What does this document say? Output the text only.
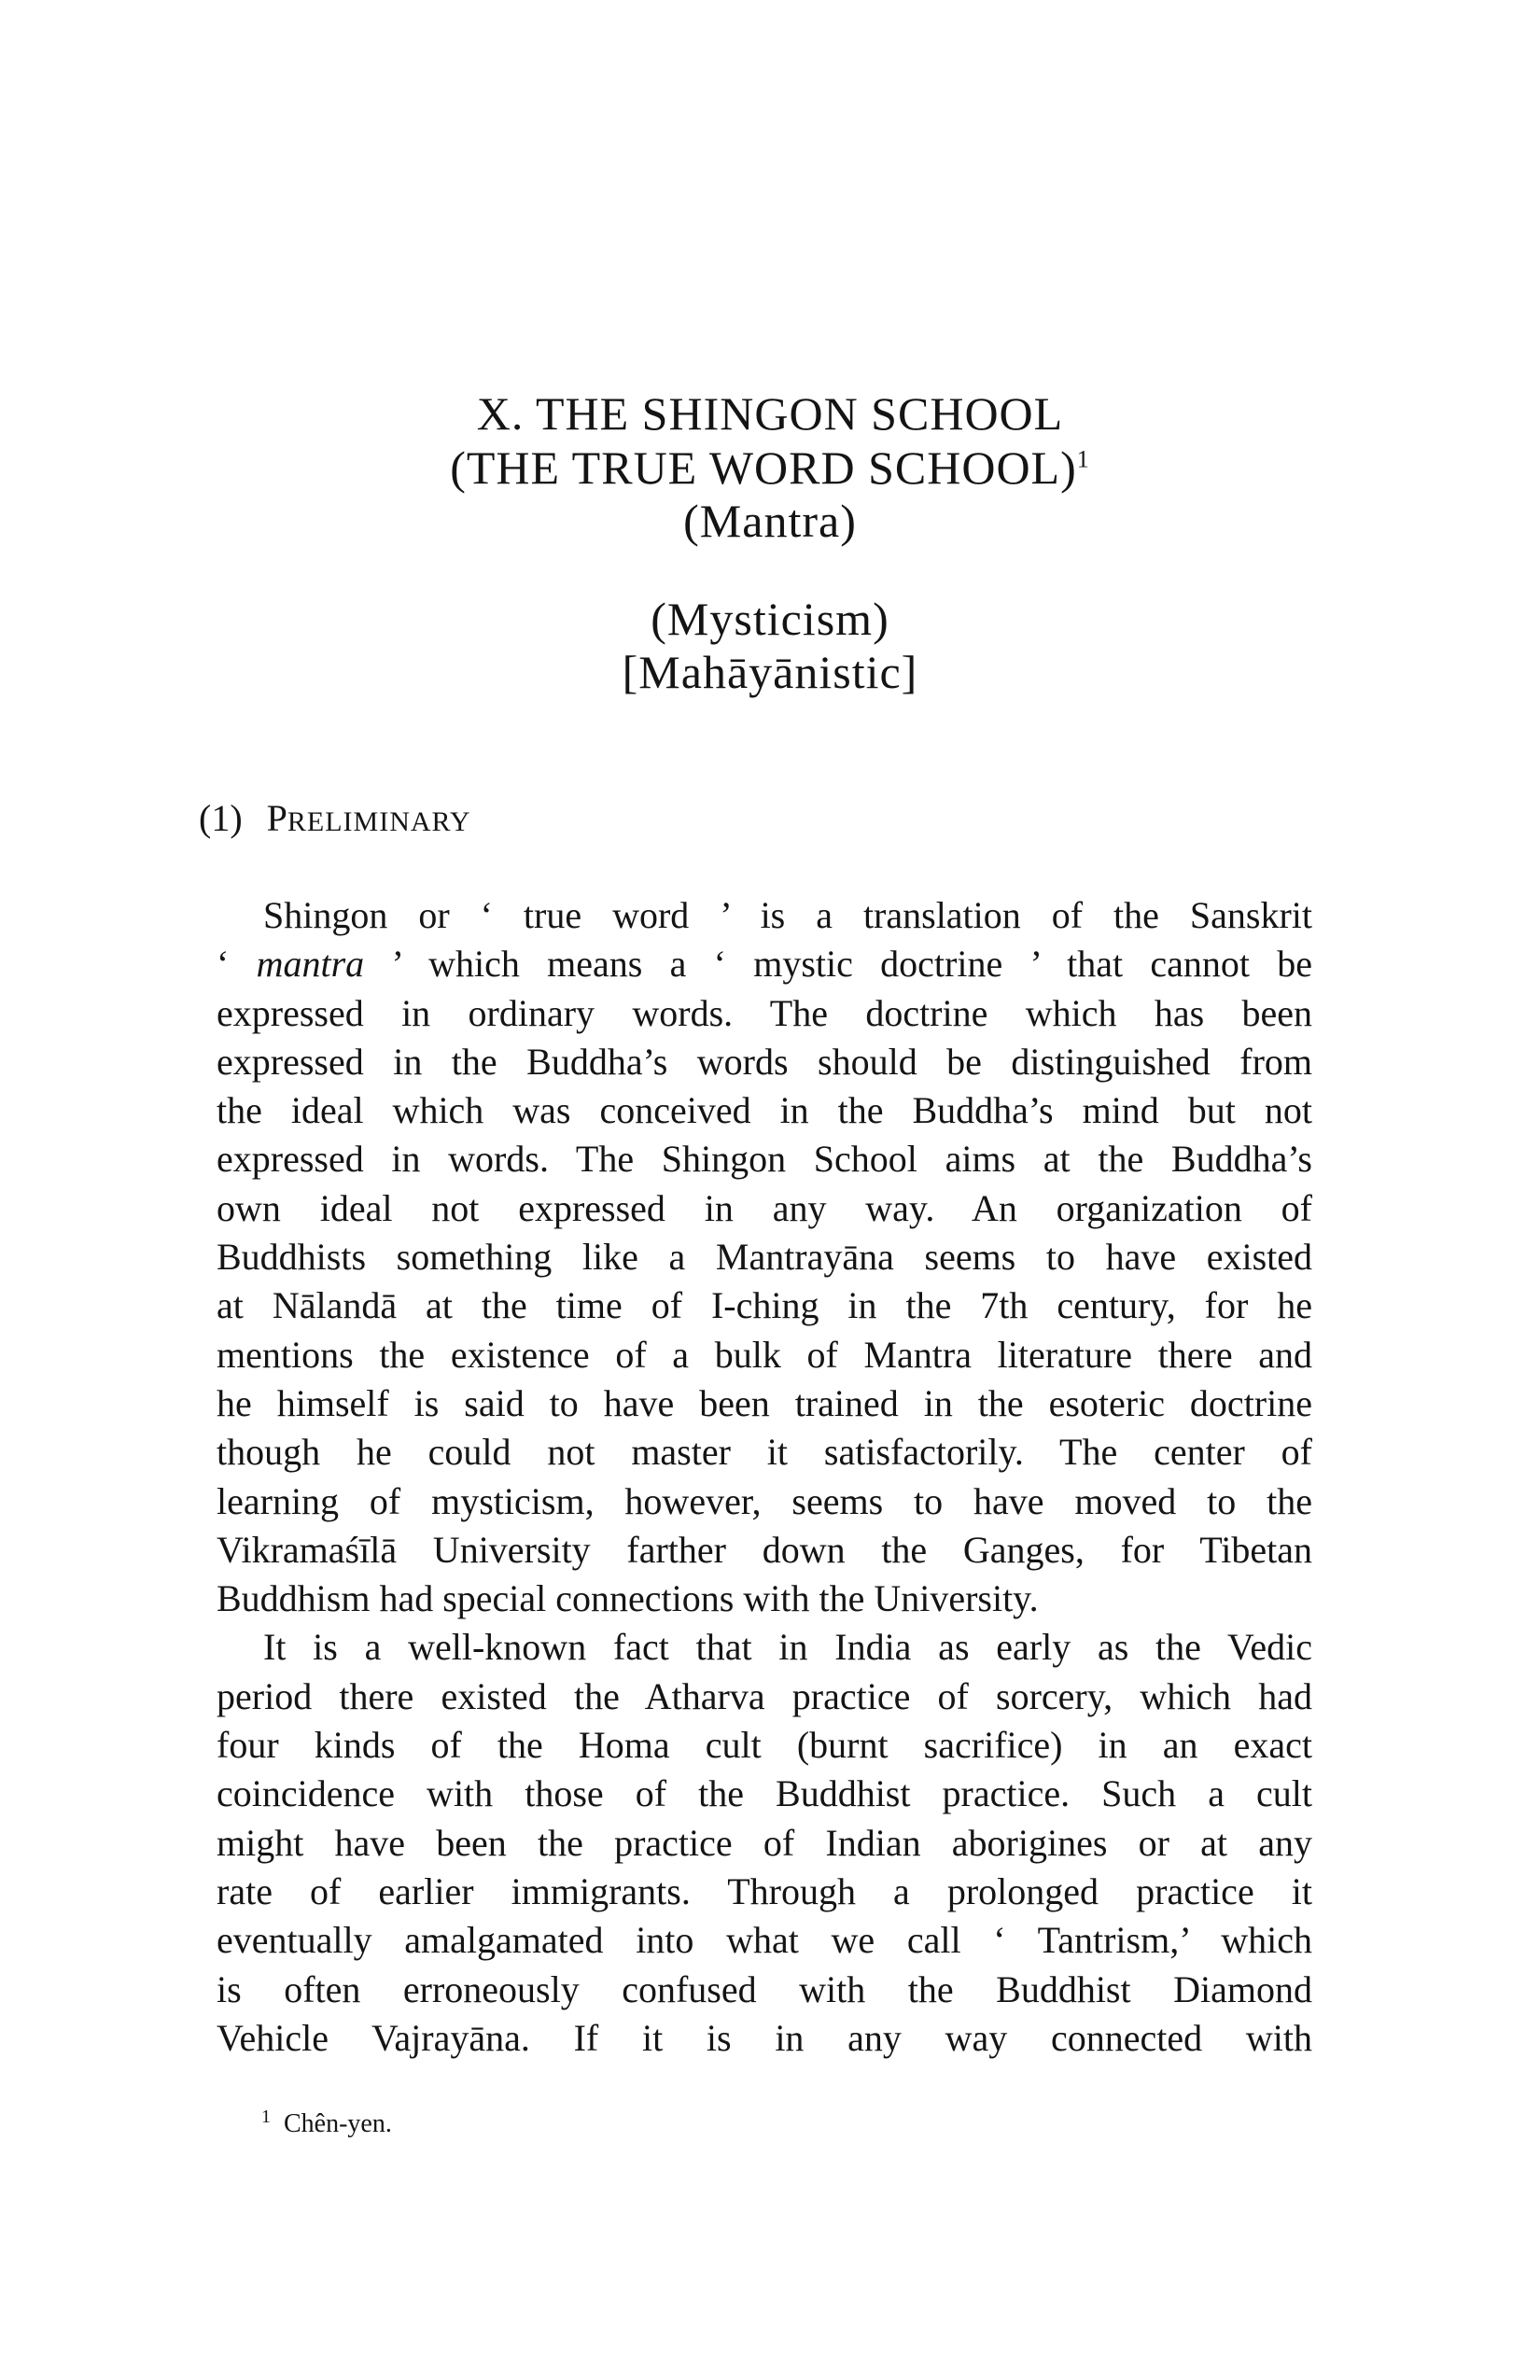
X. THE SHINGON SCHOOL
(THE TRUE WORD SCHOOL)$^1$
(Mantra)
(Mysticism)
[Mahāyānistic]
(1) PRELIMINARY
Shingon or ‘ true word ’ is a translation of the Sanskrit
‘ mantra ’ which means a ‘ mystic doctrine ’ that cannot be
expressed in ordinary words. The doctrine which has been
expressed in the Buddha’s words should be distinguished from
the ideal which was conceived in the Buddha’s mind but not
expressed in words. The Shingon School aims at the Buddha’s
own ideal not expressed in any way. An organization of
Buddhists something like a Mantrayāna seems to have existed
at Nālandā at the time of I-ching in the 7th century, for he
mentions the existence of a bulk of Mantra literature there and
he himself is said to have been trained in the esoteric doctrine
though he could not master it satisfactorily. The center of
learning of mysticism, however, seems to have moved to the
Vikramaśīlā University farther down the Ganges, for Tibetan
Buddhism had special connections with the University.
It is a well-known fact that in India as early as the Vedic
period there existed the Atharva practice of sorcery, which had
four kinds of the Homa cult (burnt sacrifice) in an exact
coincidence with those of the Buddhist practice. Such a cult
might have been the practice of Indian aborigines or at any
rate of earlier immigrants. Through a prolonged practice it
eventually amalgamated into what we call ‘ Tantrism,’ which
is often erroneously confused with the Buddhist Diamond
Vehicle Vajrayāna. If it is in any way connected with
$^1$ Chên-yen.
